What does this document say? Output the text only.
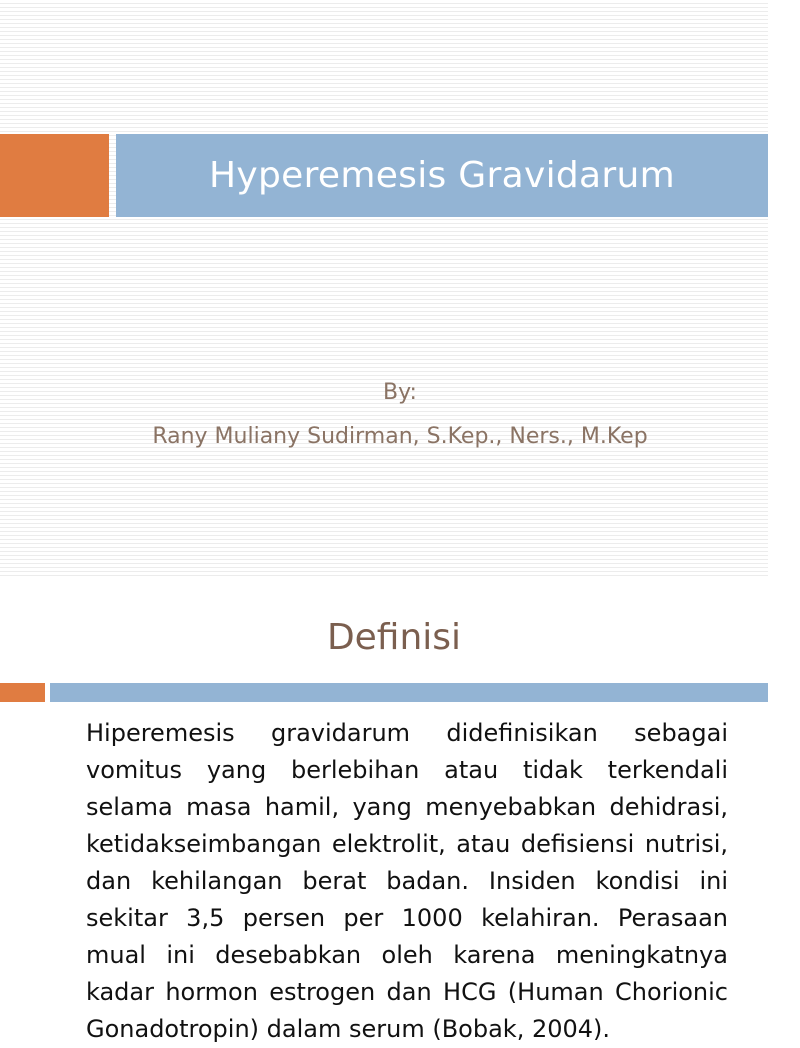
Hyperemesis Gravidarum
By:
Rany Muliany Sudirman, S.Kep., Ners., M.Kep
Definisi
Hiperemesis gravidarum didefinisikan sebagai vomitus yang berlebihan atau tidak terkendali selama masa hamil, yang menyebabkan dehidrasi, ketidakseimbangan elektrolit, atau defisiensi nutrisi, dan kehilangan berat badan. Insiden kondisi ini sekitar 3,5 persen per 1000 kelahiran. Perasaan mual ini desebabkan oleh karena meningkatnya kadar hormon estrogen dan HCG (Human Chorionic Gonadotropin) dalam serum (Bobak, 2004).
